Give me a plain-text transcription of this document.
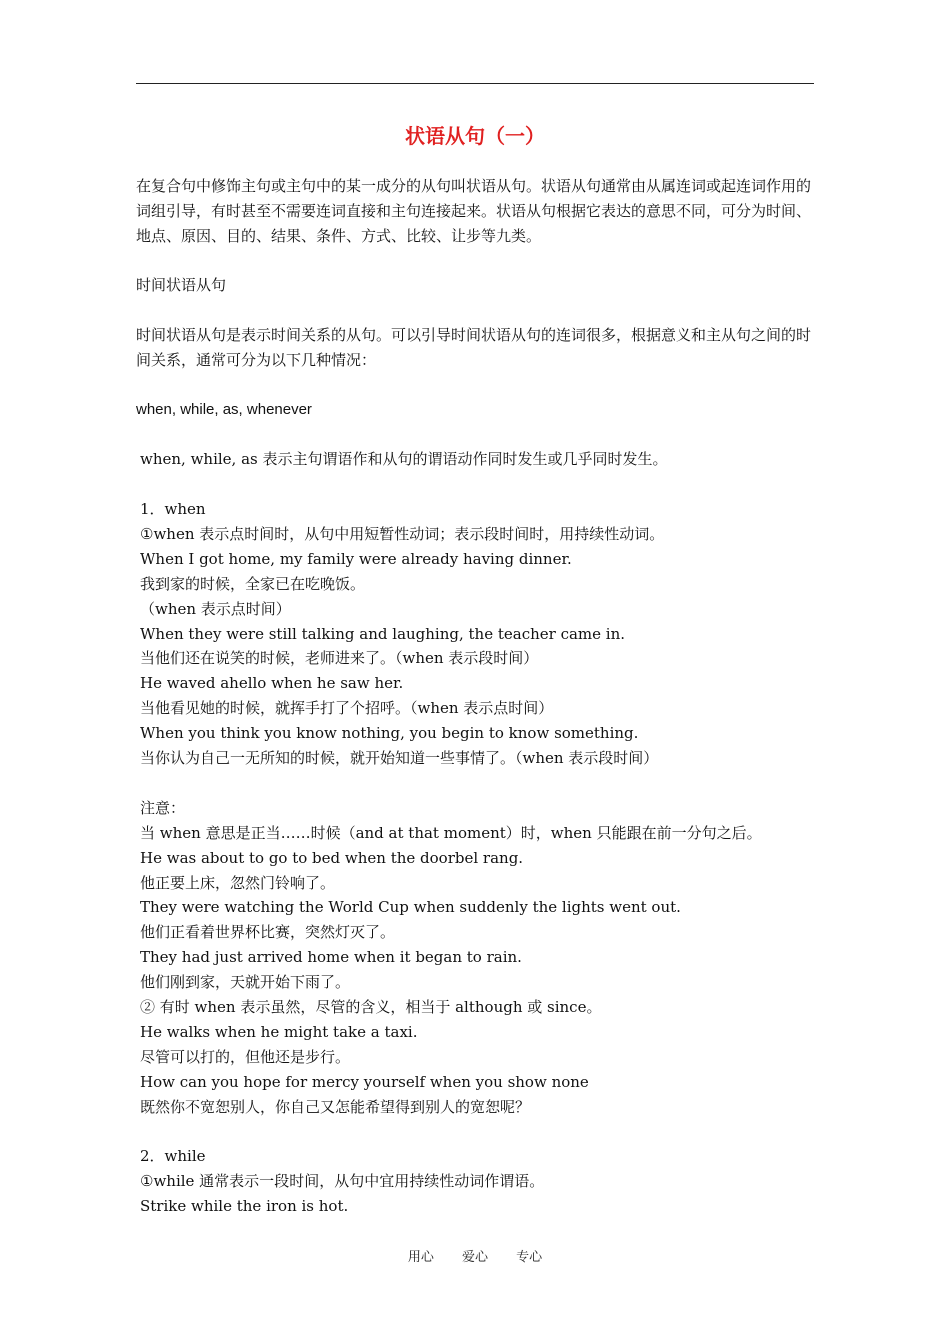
状语从句（一）
在复合句中修饰主句或主句中的某一成分的从句叫状语从句。状语从句通常由从属连词或起连词作用的词组引导，有时甚至不需要连词直接和主句连接起来。状语从句根据它表达的意思不同，可分为时间、地点、原因、目的、结果、条件、方式、比较、让步等九类。
时间状语从句
时间状语从句是表示时间关系的从句。可以引导时间状语从句的连词很多，根据意义和主从句之间的时间关系，通常可分为以下几种情况：
when, while, as, whenever
when, while, as 表示主句谓语作和从句的谓语动作同时发生或几乎同时发生。
1．when
①when 表示点时间时，从句中用短暂性动词；表示段时间时，用持续性动词。
When I got home, my family were already having dinner.
我到家的时候，全家已在吃晚饭。
（when 表示点时间）
When they were still talking and laughing, the teacher came in.
当他们还在说笑的时候，老师进来了。（when 表示段时间）
He waved ahello when he saw her.
当他看见她的时候，就挥手打了个招呼。（when 表示点时间）
When you think you know nothing, you begin to know something.
当你认为自己一无所知的时候，就开始知道一些事情了。（when 表示段时间）
注意：
当 when 意思是正当……时候（and at that moment）时，when 只能跟在前一分句之后。
He was about to go to bed when the doorbel rang.
他正要上床，忽然门铃响了。
They were watching the World Cup when suddenly the lights went out.
他们正看着世界杯比赛，突然灯灭了。
They had just arrived home when it began to rain.
他们刚到家，天就开始下雨了。
② 有时 when 表示虽然，尽管的含义，相当于 although 或 since。
He walks when he might take a taxi.
尽管可以打的，但他还是步行。
How can you hope for mercy yourself when you show none
既然你不宽恕别人，你自己又怎能希望得到别人的宽恕呢？
2．while
①while 通常表示一段时间，从句中宜用持续性动词作谓语。
Strike while the iron is hot.
用心 爱心 专心
